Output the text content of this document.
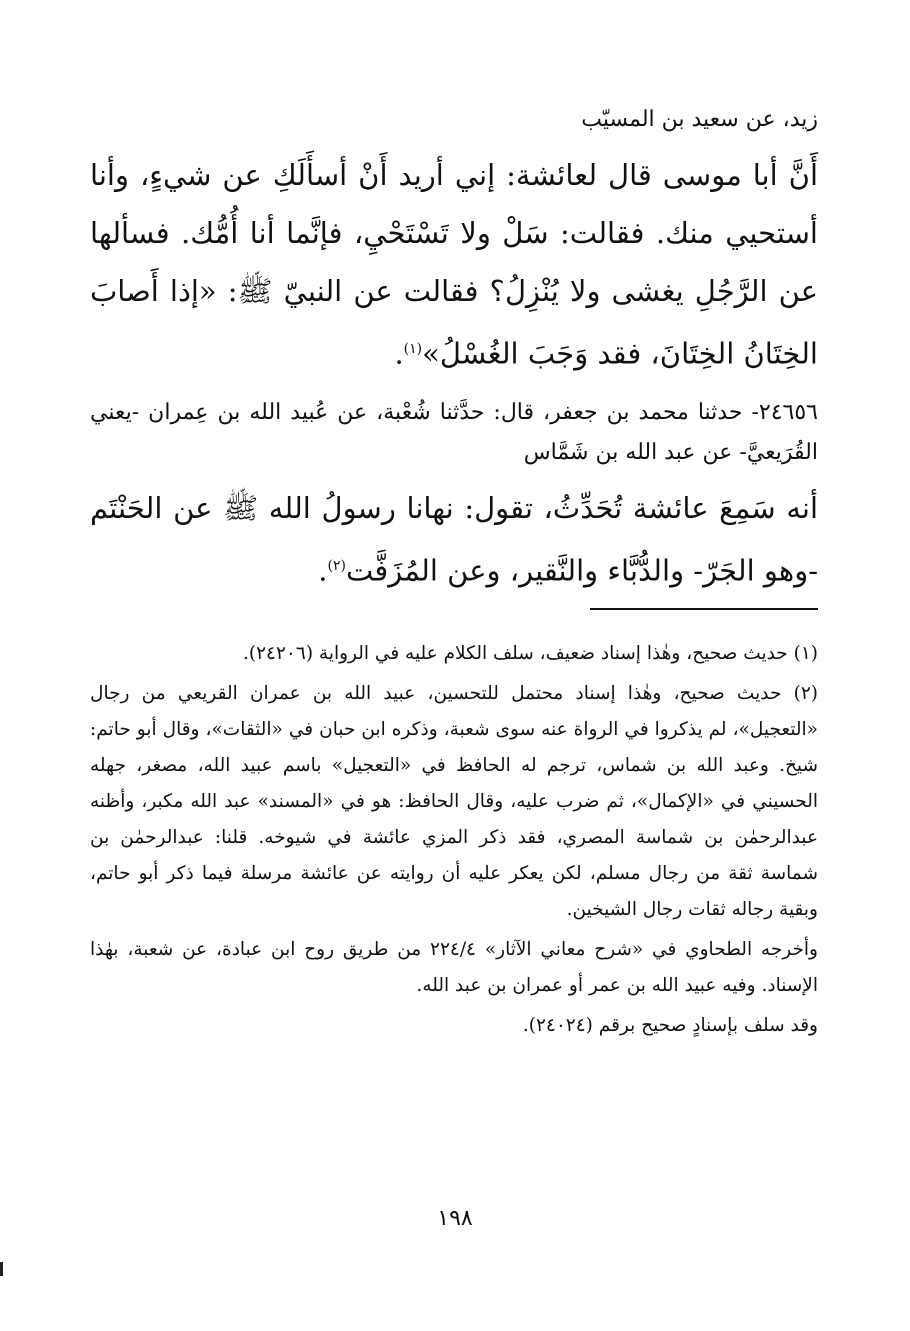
زيد، عن سعيد بن المسيّب

أَنَّ أبا موسى قال لعائشة: إني أريد أَنْ أسأَلَكِ عن شيءٍ، وأنا أستحيي منك. فقالت: سَلْ ولا تَسْتَحْيِ، فإنَّما أنا أُمُّك. فسألها عن الرَّجُلِ يغشى ولا يُنْزِلُ؟ فقالت عن النبيّ ﷺ: «إذا أَصابَ الخِتَانُ الخِتَانَ، فقد وَجَبَ الغُسْلُ»$^{(١)}$.

٢٤٦٥٦- حدثنا محمد بن جعفر، قال: حدَّثنا شُعْبة، عن عُبيد الله بن عِمران -يعني القُرَيعيَّ- عن عبد الله بن شَمَّاس

أنه سَمِعَ عائشة تُحَدِّثُ، تقول: نهانا رسولُ الله ﷺ عن الحَنْتَم -وهو الجَرّ- والدُّبَّاء والنَّقير، وعن المُزَفَّت$^{(٢)}$.

(١) حديث صحيح، وهٰذا إسناد ضعيف، سلف الكلام عليه في الرواية (٢٤٢٠٦).

(٢) حديث صحيح، وهٰذا إسناد محتمل للتحسين، عبيد الله بن عمران القريعي من رجال «التعجيل»، لم يذكروا في الرواة عنه سوى شعبة، وذكره ابن حبان في «الثقات»، وقال أبو حاتم: شيخ. وعبد الله بن شماس، ترجم له الحافظ في «التعجيل» باسم عبيد الله، مصغر، جهله الحسيني في «الإكمال»، ثم ضرب عليه، وقال الحافظ: هو في «المسند» عبد الله مكبر، وأظنه عبدالرحمٰن بن شماسة المصري، فقد ذكر المزي عائشة في شيوخه. قلنا: عبدالرحمٰن بن شماسة ثقة من رجال مسلم، لكن يعكر عليه أن روايته عن عائشة مرسلة فيما ذكر أبو حاتم، وبقية رجاله ثقات رجال الشيخين.

وأخرجه الطحاوي في «شرح معاني الآثار» ٢٢٤/٤ من طريق روح ابن عبادة، عن شعبة، بهٰذا الإسناد. وفيه عبيد الله بن عمر أو عمران بن عبد الله.

وقد سلف بإسنادٍ صحيح برقم (٢٤٠٢٤).

١٩٨
